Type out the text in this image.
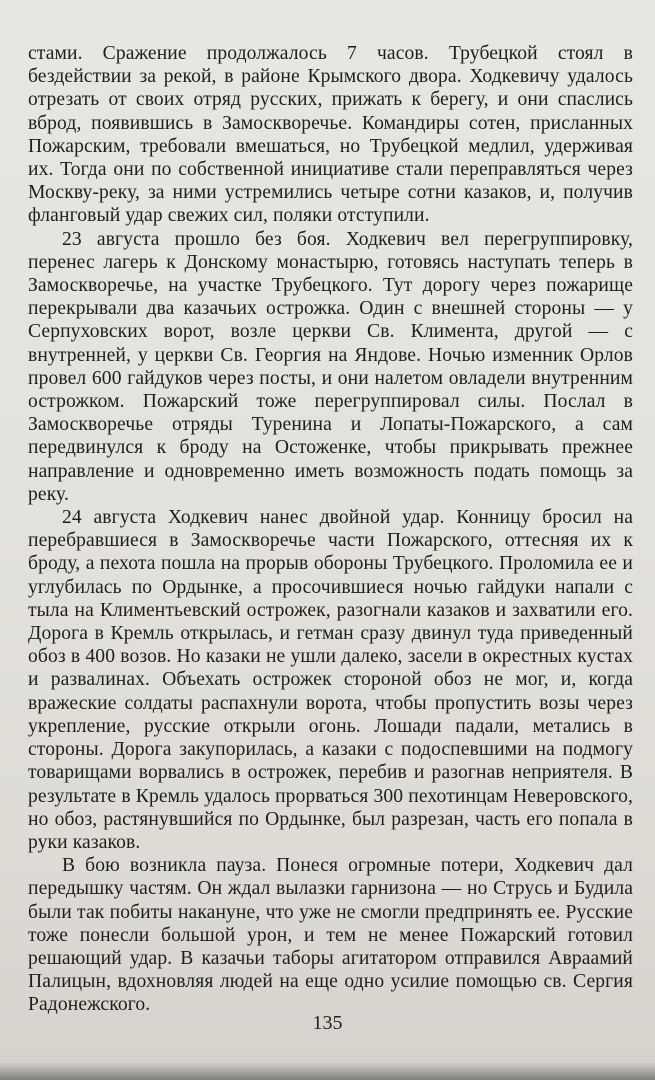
стами. Сражение продолжалось 7 часов. Трубецкой стоял в бездействии за рекой, в районе Крымского двора. Ходкевичу удалось отрезать от своих отряд русских, прижать к берегу, и они спаслись вброд, появившись в Замоскворечье. Командиры сотен, присланных Пожарским, требовали вмешаться, но Трубецкой медлил, удерживая их. Тогда они по собственной инициативе стали переправляться через Москву-реку, за ними устремились четыре сотни казаков, и, получив фланговый удар свежих сил, поляки отступили.

23 августа прошло без боя. Ходкевич вел перегруппировку, перенес лагерь к Донскому монастырю, готовясь наступать теперь в Замоскворечье, на участке Трубецкого. Тут дорогу через пожарище перекрывали два казачьих острожка. Один с внешней стороны — у Серпуховских ворот, возле церкви Св. Климента, другой — с внутренней, у церкви Св. Георгия на Яндове. Ночью изменник Орлов провел 600 гайдуков через посты, и они налетом овладели внутренним острожком. Пожарский тоже перегруппировал силы. Послал в Замоскворечье отряды Туренина и Лопаты-Пожарского, а сам передвинулся к броду на Остоженке, чтобы прикрывать прежнее направление и одновременно иметь возможность подать помощь за реку.

24 августа Ходкевич нанес двойной удар. Конницу бросил на перебравшиеся в Замоскворечье части Пожарского, оттесняя их к броду, а пехота пошла на прорыв обороны Трубецкого. Проломила ее и углубилась по Ордынке, а просочившиеся ночью гайдуки напали с тыла на Климентьевский острожек, разогнали казаков и захватили его. Дорога в Кремль открылась, и гетман сразу двинул туда приведенный обоз в 400 возов. Но казаки не ушли далеко, засели в окрестных кустах и развалинах. Объехать острожек стороной обоз не мог, и, когда вражеские солдаты распахнули ворота, чтобы пропустить возы через укрепление, русские открыли огонь. Лошади падали, метались в стороны. Дорога закупорилась, а казаки с подоспевшими на подмогу товарищами ворвались в острожек, перебив и разогнав неприятеля. В результате в Кремль удалось прорваться 300 пехотинцам Неверовского, но обоз, растянувшийся по Ордынке, был разрезан, часть его попала в руки казаков.

В бою возникла пауза. Понеся огромные потери, Ходкевич дал передышку частям. Он ждал вылазки гарнизона — но Струсь и Будила были так побиты накануне, что уже не смогли предпринять ее. Русские тоже понесли большой урон, и тем не менее Пожарский готовил решающий удар. В казачьи таборы агитатором отправился Авраамий Палицын, вдохновляя людей на еще одно усилие помощью св. Сергия Радонежского.

135
